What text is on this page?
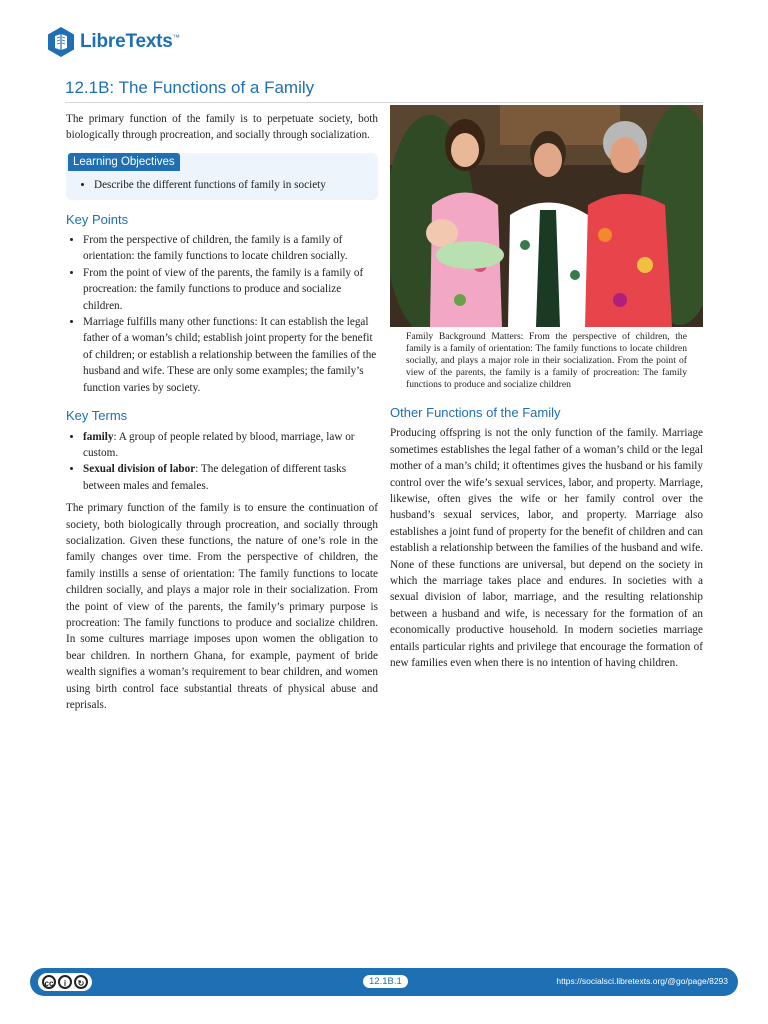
LibreTexts™
12.1B: The Functions of a Family

The primary function of the family is to perpetuate society, both biologically through procreation, and socially through socialization.

Learning Objectives
• Describe the different functions of family in society
Key Points
• From the perspective of children, the family is a family of orientation: the family functions to locate children socially.
• From the point of view of the parents, the family is a family of procreation: the family functions to produce and socialize children.
• Marriage fulfills many other functions: It can establish the legal father of a woman’s child; establish joint property for the benefit of children; or establish a relationship between the families of the husband and wife. These are only some examples; the family’s function varies by society.
Key Terms
• family: A group of people related by blood, marriage, law or custom.
• Sexual division of labor: The delegation of different tasks between males and females.

The primary function of the family is to ensure the continuation of society, both biologically through procreation, and socially through socialization. Given these functions, the nature of one’s role in the family changes over time. From the perspective of children, the family instills a sense of orientation: The family functions to locate children socially, and plays a major role in their socialization. From the point of view of the parents, the family’s primary purpose is procreation: The family functions to produce and socialize children. In some cultures marriage imposes upon women the obligation to bear children. In northern Ghana, for example, payment of bride wealth signifies a woman’s requirement to bear children, and women using birth control face substantial threats of physical abuse and reprisals.

Family Background Matters: From the perspective of children, the family is a family of orientation: The family functions to locate children socially, and plays a major role in their socialization. From the point of view of the parents, the family is a family of procreation: The family functions to produce and socialize children

Other Functions of the Family

Producing offspring is not the only function of the family. Marriage sometimes establishes the legal father of a woman’s child or the legal mother of a man’s child; it oftentimes gives the husband or his family control over the wife’s sexual services, labor, and property. Marriage, likewise, often gives the wife or her family control over the husband’s sexual services, labor, and property. Marriage also establishes a joint fund of property for the benefit of children and can establish a relationship between the families of the husband and wife. None of these functions are universal, but depend on the society in which the marriage takes place and endures. In societies with a sexual division of labor, marriage, and the resulting relationship between a husband and wife, is necessary for the formation of an economically productive household. In modern societies marriage entails particular rights and privilege that encourage the formation of new families even when there is no intention of having children.

cc	i	↻	12.1B.1	https://socialsci.libretexts.org/@go/page/8293
